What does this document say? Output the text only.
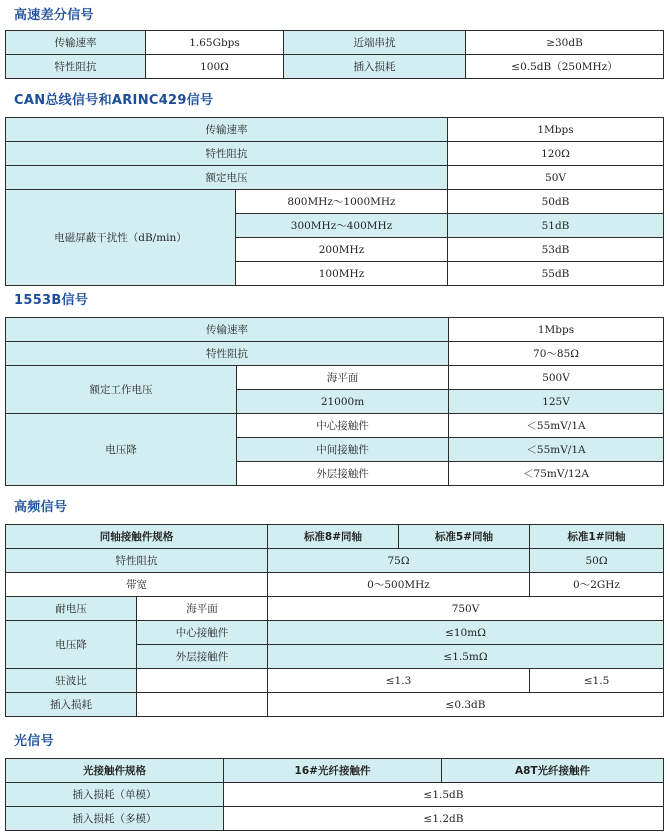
高速差分信号
传输速率	1.65Gbps	近端串扰	≥30dB
特性阻抗	100Ω	插入损耗	≤0.5dB（250MHz）
CAN总线信号和ARINC429信号
传输速率		1Mbps
特性阻抗		120Ω
额定电压		50V
电磁屏蔽干扰性（dB/min）	800MHz～1000MHz	50dB
	300MHz～400MHz	51dB
	200MHz	53dB
	100MHz	55dB
1553B信号
传输速率		1Mbps
特性阻抗		70～85Ω
额定工作电压	海平面	500V
	21000m	125V
电压降	中心接触件	＜55mV/1A
	中间接触件	＜55mV/1A
	外层接触件	＜75mV/12A
高频信号
同轴接触件规格		标准8#同轴	标准5#同轴	标准1#同轴
特性阻抗		75Ω		50Ω
带宽		0～500MHz		0～2GHz
耐电压	海平面	750V		
电压降	中心接触件	≤10mΩ		
	外层接触件	≤1.5mΩ		
驻波比		≤1.3		≤1.5
插入损耗		≤0.3dB		
光信号
光接触件规格	16#光纤接触件	A8T光纤接触件
插入损耗（单模）	≤1.5dB	
插入损耗（多模）	≤1.2dB	
